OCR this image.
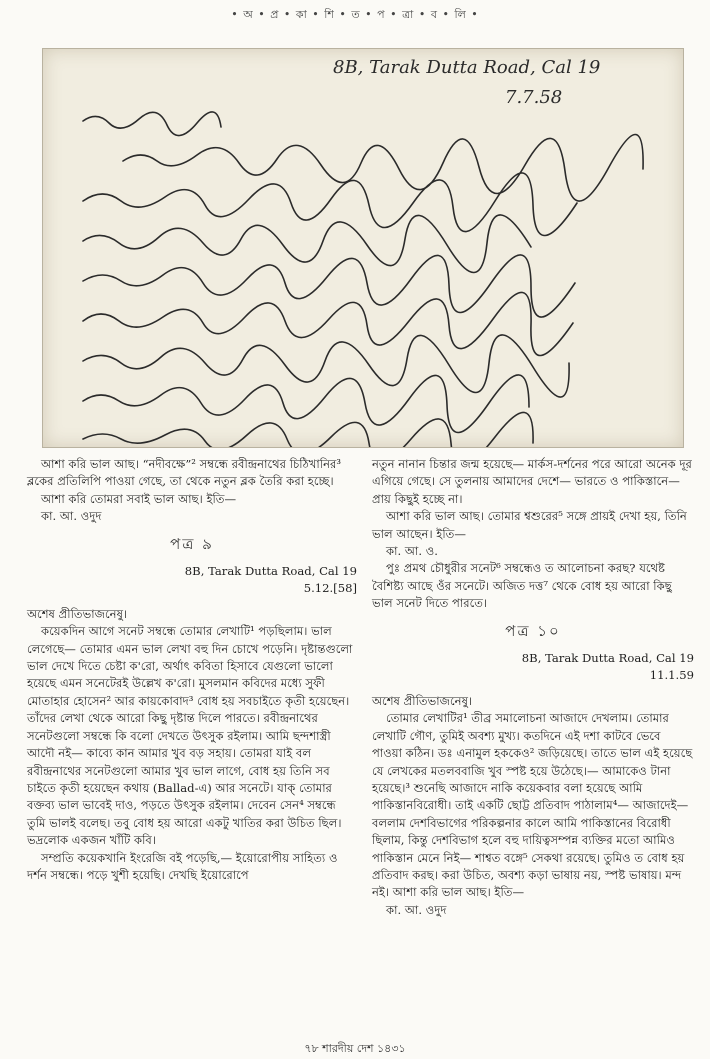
• অ • প্র • কা • শি • ত • প • ত্রা • ব • লি •
8B, Tarak Dutta Road, Cal 19
7.7.58

আশা করি ভাল আছ। “নদীবক্ষে”² সম্বন্ধে রবীন্দ্রনাথের চিঠিখানির³ ব্লকের প্রতিলিপি পাওয়া গেছে, তা থেকে নতুন ব্লক তৈরি করা হচ্ছে।

আশা করি তোমরা সবাই ভাল আছ। ইতি—

কা. আ. ওদুদ

পত্র ৯

8B, Tarak Dutta Road, Cal 19

5.12.[58]

অশেষ প্রীতিভাজনেষু।

কয়েকদিন আগে সনেট সম্বন্ধে তোমার লেখাটি¹ পড়ছিলাম। ভাল লেগেছে— তোমার এমন ভাল লেখা বহু দিন চোখে পড়েনি। দৃষ্টান্তগুলো ভাল দেখে দিতে চেষ্টা ক'রো, অর্থাৎ কবিতা হিসাবে যেগুলো ভালো হয়েছে এমন সনেটেরই উল্লেখ ক'রো। মুসলমান কবিদের মধ্যে সুফী মোতাহার হোসেন² আর কায়কোবাদ³ বোধ হয় সবচাইতে কৃতী হয়েছেন। তাঁদের লেখা থেকে আরো কিছু দৃষ্টান্ত দিলে পারতে। রবীন্দ্রনাথের সনেটগুলো সম্বন্ধে কি বলো দেখতে উৎসুক রইলাম। আমি ছন্দশাস্ত্রী আদৌ নই— কাব্যে কান আমার খুব বড় সহায়। তোমরা যাই বল রবীন্দ্রনাথের সনেটগুলো আমার খুব ভাল লাগে, বোধ হয় তিনি সব চাইতে কৃতী হয়েছেন কথায় (Ballad-এ) আর সনেটে। যাক্ তোমার বক্তব্য ভাল ভাবেই দাও, পড়তে উৎসুক রইলাম। দেবেন সেন⁴ সম্বন্ধে তুমি ভালই বলেছ। তবু বোধ হয় আরো একটু খাতির করা উচিত ছিল। ভদ্রলোক একজন খাঁটি কবি।

সম্প্রতি কয়েকখানি ইংরেজি বই পড়েছি,— ইয়োরোপীয় সাহিত্য ও দর্শন সম্বন্ধে। পড়ে খুশী হয়েছি। দেখছি ইয়োরোপে

নতুন নানান চিন্তার জন্ম হয়েছে— মার্কস-দর্শনের পরে আরো অনেক দূর এগিয়ে গেছে। সে তুলনায় আমাদের দেশে— ভারতে ও পাকিস্তানে— প্রায় কিছুই হচ্ছে না।

আশা করি ভাল আছ। তোমার শ্বশুরের⁵ সঙ্গে প্রায়ই দেখা হয়, তিনি ভাল আছেন। ইতি—

কা. আ. ও.

পুঃ প্রমথ চৌধুরীর সনেট⁶ সম্বন্ধেও ত আলোচনা করছ? যথেষ্ট বৈশিষ্ট্য আছে ওঁর সনেটে। অজিত দত্ত⁷ থেকে বোধ হয় আরো কিছু ভাল সনেট দিতে পারতে।

পত্র ১০

8B, Tarak Dutta Road, Cal 19

11.1.59

অশেষ প্রীতিভাজনেষু।

তোমার লেখাটির¹ তীব্র সমালোচনা আজাদে দেখলাম। তোমার লেখাটি গৌণ, তুমিই অবশ্য মুখ্য। কতদিনে এই দশা কাটবে ভেবে পাওয়া কঠিন। ডঃ এনামুল হককেও² জড়িয়েছে। তাতে ভাল এই হয়েছে যে লেখকের মতলববাজি খুব স্পষ্ট হয়ে উঠেছে।— আমাকেও টানা হয়েছে।³ শুনেছি আজাদে নাকি কয়েকবার বলা হয়েছে আমি পাকিস্তানবিরোধী। তাই একটি ছোট্ট প্রতিবাদ পাঠালাম⁴— আজাদেই— বললাম দেশবিভাগের পরিকল্পনার কালে আমি পাকিস্তানের বিরোধী ছিলাম, কিন্তু দেশবিভাগ হলে বহু দায়িত্বসম্পন্ন ব্যক্তির মতো আমিও পাকিস্তান মেনে নিই— শাশ্বত বঙ্গে⁵ সেকথা রয়েছে। তুমিও ত বোধ হয় প্রতিবাদ করছ। করা উচিত, অবশ্য কড়া ভাষায় নয়, স্পষ্ট ভাষায়। মন্দ নই। আশা করি ভাল আছ। ইতি—

কা. আ. ওদুদ

৭৮ শারদীয় দেশ ১৪৩১
